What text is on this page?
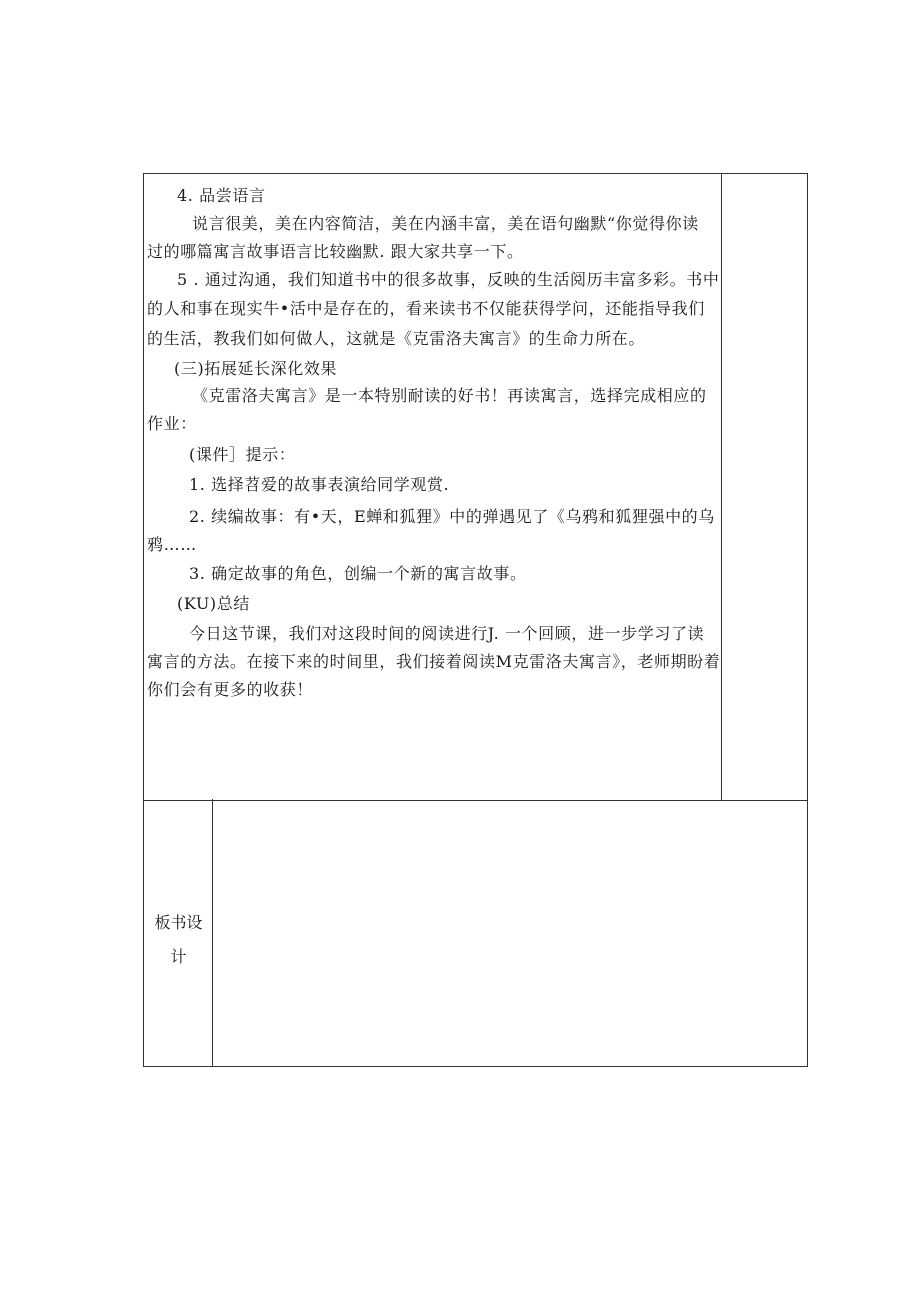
4. 品尝语言
说言很美，美在内容简洁，美在内涵丰富，美在语句幽默“你觉得你读
过的哪篇寓言故事语言比较幽默. 跟大家共享一下。
5 . 通过沟通，我们知道书中的很多故事，反映的生活阅历丰富多彩。书中
的人和事在现实牛•活中是存在的，看来读书不仅能获得学问，还能指导我们
的生活，教我们如何做人，这就是《克雷洛夫寓言》的生命力所在。
(三)拓展延长深化效果
《克雷洛夫寓言》是一本特别耐读的好书！再读寓言，选择完成相应的
作业：
(课件］提示：
1. 选择苕爱的故事表演给同学观赏.
2. 续编故事：有•天，E蝉和狐狸》中的弹遇见了《乌鸦和狐狸强中的乌
鸦……
3. 确定故事的角色，创编一个新的寓言故事。
(KU)总结
今日这节课，我们对这段时间的阅读进行J. 一个回顾，进一步学习了读
寓言的方法。在接下来的时间里，我们接着阅读M克雷洛夫寓言》，老师期盼着
你们会有更多的收获！
板书设
计
